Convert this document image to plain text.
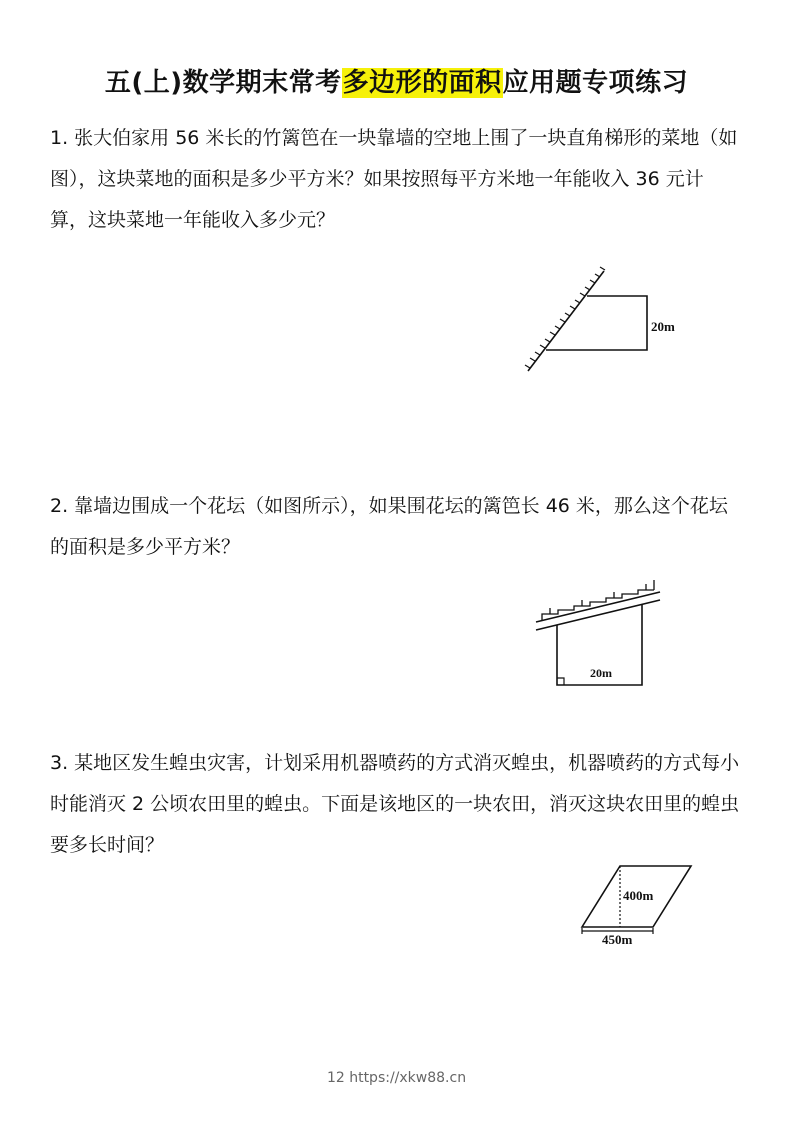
五(上)数学期末常考多边形的面积应用题专项练习

1. 张大伯家用 56 米长的竹篱笆在一块靠墙的空地上围了一块直角梯形的菜地（如图），这块菜地的面积是多少平方米？如果按照每平方米地一年能收入 36 元计算，这块菜地一年能收入多少元？

20m

2. 靠墙边围成一个花坛（如图所示），如果围花坛的篱笆长 46 米，那么这个花坛的面积是多少平方米？

20m

3. 某地区发生蝗虫灾害，计划采用机器喷药的方式消灭蝗虫，机器喷药的方式每小时能消灭 2 公顷农田里的蝗虫。下面是该地区的一块农田，消灭这块农田里的蝗虫要多长时间？

400m
450m
12 https://xkw88.cn
